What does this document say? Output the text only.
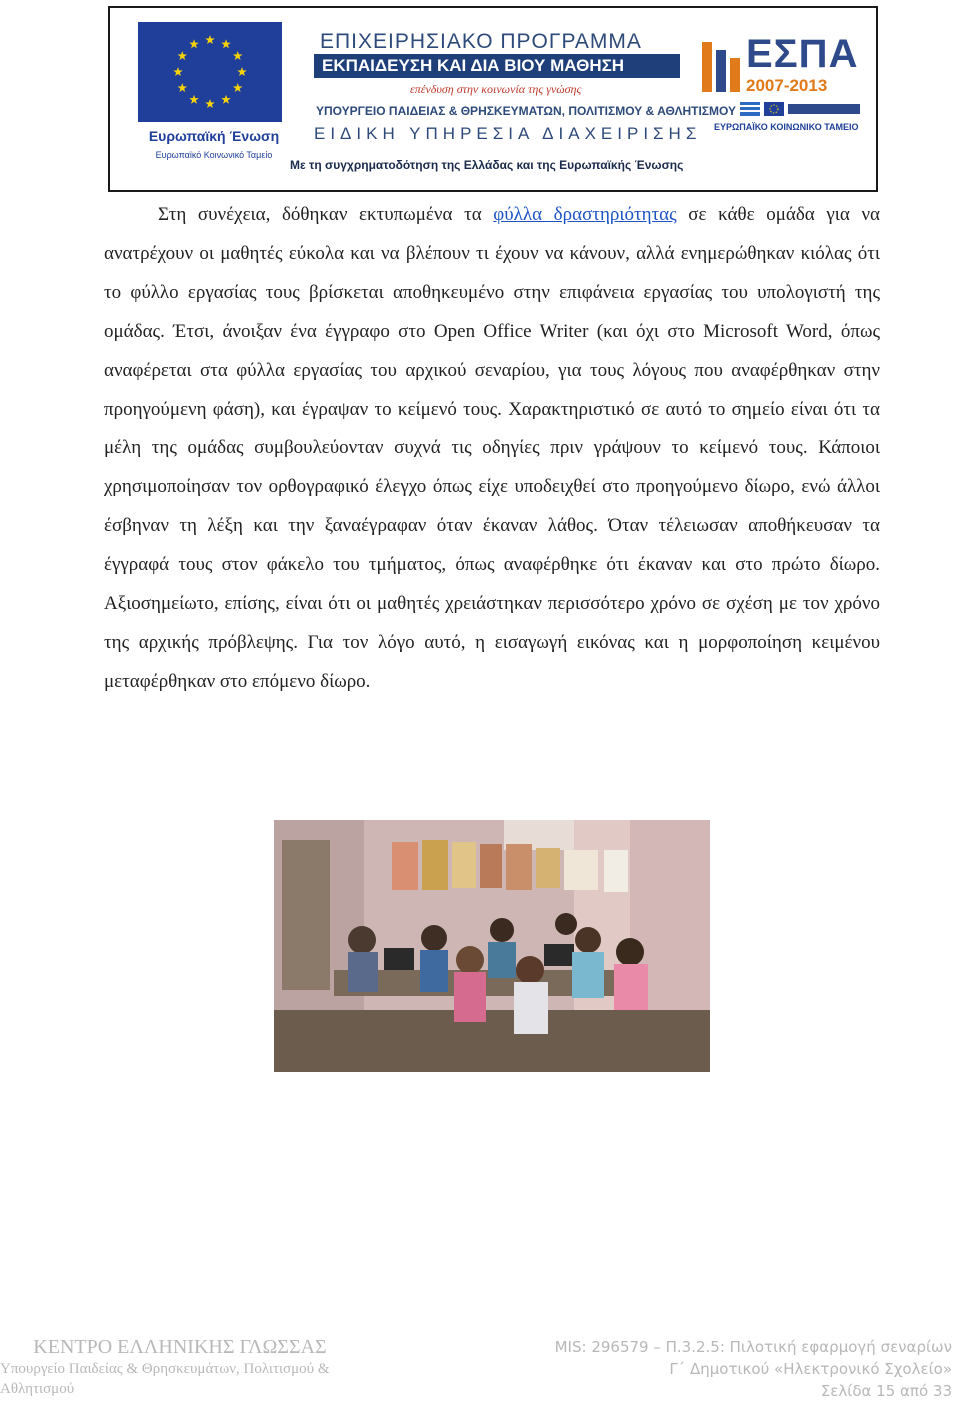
Ευρωπαϊκή Ένωση
Ευρωπαϊκό Κοινωνικό Ταμείο
ΕΠΙΧΕΙΡΗΣΙΑΚΟ ΠΡΟΓΡΑΜΜΑ
ΕΚΠΑΙΔΕΥΣΗ ΚΑΙ ΔΙΑ ΒΙΟΥ ΜΑΘΗΣΗ
επένδυση στην κοινωνία της γνώσης
ΥΠΟΥΡΓΕΙΟ ΠΑΙΔΕΙΑΣ & ΘΡΗΣΚΕΥΜΑΤΩΝ, ΠΟΛΙΤΙΣΜΟΥ & ΑΘΛΗΤΙΣΜΟΥ
ΕΙΔΙΚΗ ΥΠΗΡΕΣΙΑ ΔΙΑΧΕΙΡΙΣΗΣ
Με τη συγχρηματοδότηση της Ελλάδας και της Ευρωπαϊκής Ένωσης
ΕΣΠΑ
2007-2013
ΕΥΡΩΠΑΪΚΟ ΚΟΙΝΩΝΙΚΟ ΤΑΜΕΙΟ

Στη συνέχεια, δόθηκαν εκτυπωμένα τα φύλλα δραστηριότητας σε κάθε ομάδα για να ανατρέχουν οι μαθητές εύκολα και να βλέπουν τι έχουν να κάνουν, αλλά ενημερώθηκαν κιόλας ότι το φύλλο εργασίας τους βρίσκεται αποθηκευμένο στην επιφάνεια εργασίας του υπολογιστή της ομάδας. Έτσι, άνοιξαν ένα έγγραφο στο Open Office Writer (και όχι στο Microsoft Word, όπως αναφέρεται στα φύλλα εργασίας του αρχικού σεναρίου, για τους λόγους που αναφέρθηκαν στην προηγούμενη φάση), και έγραψαν το κείμενό τους. Χαρακτηριστικό σε αυτό το σημείο είναι ότι τα μέλη της ομάδας συμβουλεύονταν συχνά τις οδηγίες πριν γράψουν το κείμενό τους. Κάποιοι χρησιμοποίησαν τον ορθογραφικό έλεγχο όπως είχε υποδειχθεί στο προηγούμενο δίωρο, ενώ άλλοι έσβηναν τη λέξη και την ξαναέγραφαν όταν έκαναν λάθος. Όταν τέλειωσαν αποθήκευσαν τα έγγραφά τους στον φάκελο του τμήματος, όπως αναφέρθηκε ότι έκαναν και στο πρώτο δίωρο. Αξιοσημείωτο, επίσης, είναι ότι οι μαθητές χρειάστηκαν περισσότερο χρόνο σε σχέση με τον χρόνο της αρχικής πρόβλεψης. Για τον λόγο αυτό, η εισαγωγή εικόνας και η μορφοποίηση κειμένου μεταφέρθηκαν στο επόμενο δίωρο.

ΚΕΝΤΡΟ ΕΛΛΗΝΙΚΗΣ ΓΛΩΣΣΑΣ
Υπουργείο Παιδείας & Θρησκευμάτων, Πολιτισμού & Αθλητισμού
MIS: 296579 – Π.3.2.5: Πιλοτική εφαρμογή σεναρίων
Γ΄ Δημοτικού «Ηλεκτρονικό Σχολείο»
Σελίδα 15 από 33
